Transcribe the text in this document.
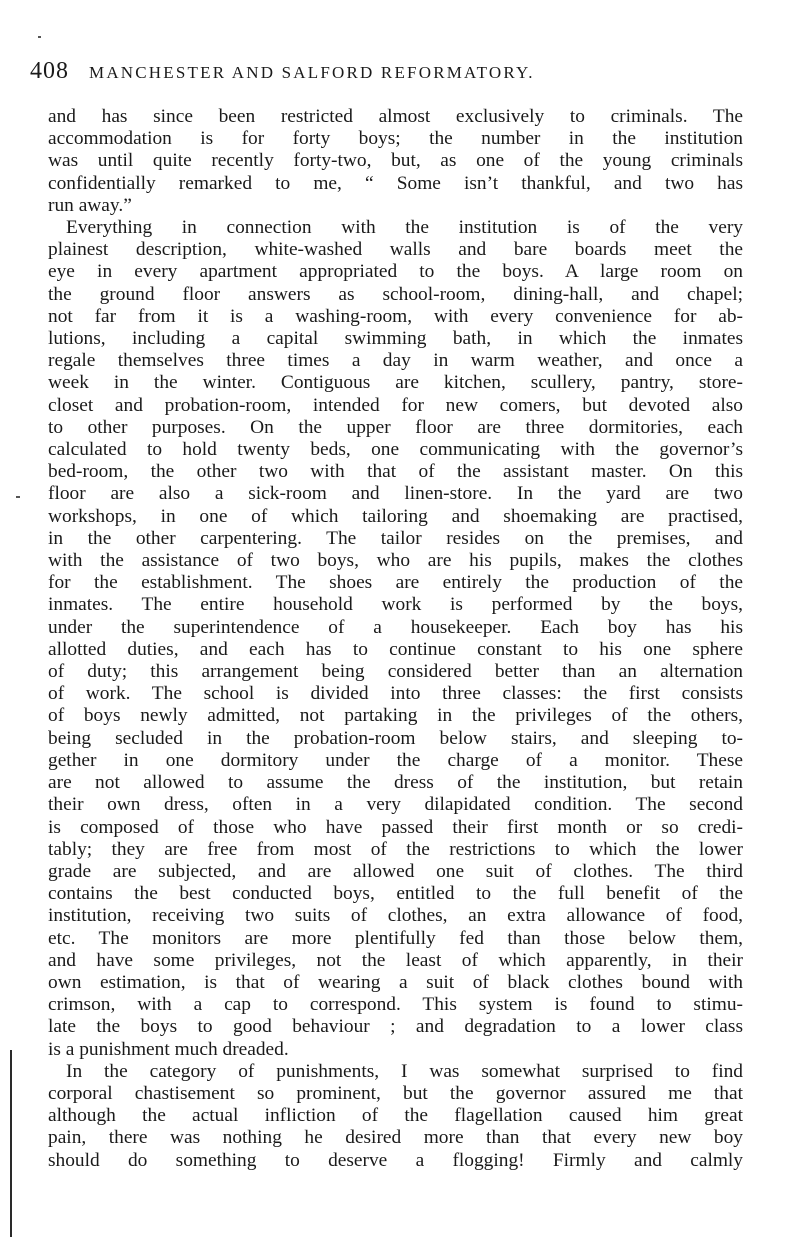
408 MANCHESTER AND SALFORD REFORMATORY.
and has since been restricted almost exclusively to criminals. The
accommodation is for forty boys; the number in the institution
was until quite recently forty-two, but, as one of the young criminals
confidentially remarked to me, “ Some isn’t thankful, and two has
run away.”
Everything in connection with the institution is of the very
plainest description, white-washed walls and bare boards meet the
eye in every apartment appropriated to the boys. A large room on
the ground floor answers as school-room, dining-hall, and chapel;
not far from it is a washing-room, with every convenience for ab-
lutions, including a capital swimming bath, in which the inmates
regale themselves three times a day in warm weather, and once a
week in the winter. Contiguous are kitchen, scullery, pantry, store-
closet and probation-room, intended for new comers, but devoted also
to other purposes. On the upper floor are three dormitories, each
calculated to hold twenty beds, one communicating with the governor’s
bed-room, the other two with that of the assistant master. On this
floor are also a sick-room and linen-store. In the yard are two
workshops, in one of which tailoring and shoemaking are practised,
in the other carpentering. The tailor resides on the premises, and
with the assistance of two boys, who are his pupils, makes the clothes
for the establishment. The shoes are entirely the production of the
inmates. The entire household work is performed by the boys,
under the superintendence of a housekeeper. Each boy has his
allotted duties, and each has to continue constant to his one sphere
of duty; this arrangement being considered better than an alternation
of work. The school is divided into three classes: the first consists
of boys newly admitted, not partaking in the privileges of the others,
being secluded in the probation-room below stairs, and sleeping to-
gether in one dormitory under the charge of a monitor. These
are not allowed to assume the dress of the institution, but retain
their own dress, often in a very dilapidated condition. The second
is composed of those who have passed their first month or so credi-
tably; they are free from most of the restrictions to which the lower
grade are subjected, and are allowed one suit of clothes. The third
contains the best conducted boys, entitled to the full benefit of the
institution, receiving two suits of clothes, an extra allowance of food,
etc. The monitors are more plentifully fed than those below them,
and have some privileges, not the least of which apparently, in their
own estimation, is that of wearing a suit of black clothes bound with
crimson, with a cap to correspond. This system is found to stimu-
late the boys to good behaviour ; and degradation to a lower class
is a punishment much dreaded.
In the category of punishments, I was somewhat surprised to find
corporal chastisement so prominent, but the governor assured me that
although the actual infliction of the flagellation caused him great
pain, there was nothing he desired more than that every new boy
should do something to deserve a flogging! Firmly and calmly
